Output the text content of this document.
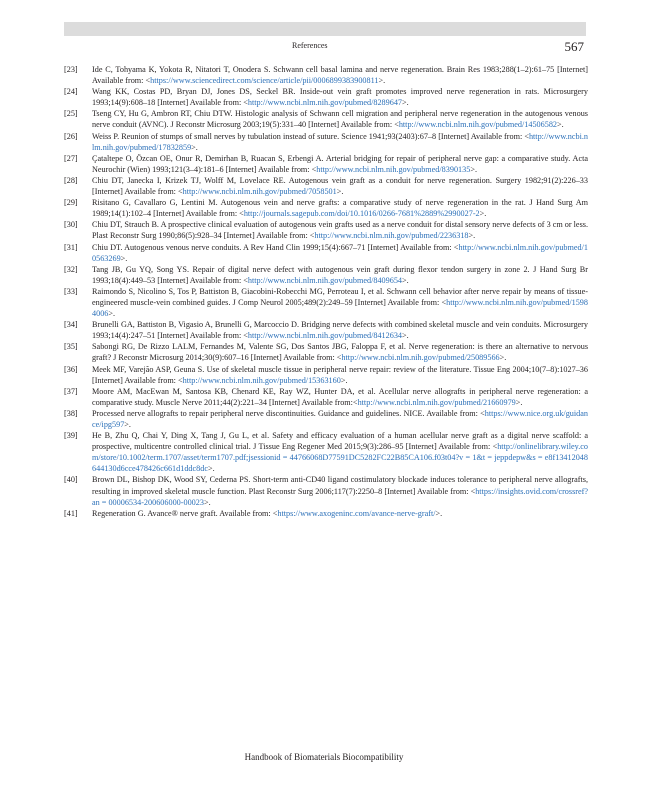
References	567
[23] Ide C, Tohyama K, Yokota R, Nitatori T, Onodera S. Schwann cell basal lamina and nerve regeneration. Brain Res 1983;288(1–2):61–75 [Internet] Available from: <https://www.sciencedirect.com/science/article/pii/0006899383900811>.
[24] Wang KK, Costas PD, Bryan DJ, Jones DS, Seckel BR. Inside-out vein graft promotes improved nerve regeneration in rats. Microsurgery 1993;14(9):608–18 [Internet] Available from: <http://www.ncbi.nlm.nih.gov/pubmed/8289647>.
[25] Tseng CY, Hu G, Ambron RT, Chiu DTW. Histologic analysis of Schwann cell migration and peripheral nerve regeneration in the autogenous venous nerve conduit (AVNC). J Reconstr Microsurg 2003;19(5):331–40 [Internet] Available from: <http://www.ncbi.nlm.nih.gov/pubmed/14506582>.
[26] Weiss P. Reunion of stumps of small nerves by tubulation instead of suture. Science 1941;93(2403):67–8 [Internet] Available from: <http://www.ncbi.nlm.nih.gov/pubmed/17832859>.
[27] Çataltepe O, Özcan OE, Onur R, Demirhan B, Ruacan S, Erbengi A. Arterial bridging for repair of peripheral nerve gap: a comparative study. Acta Neurochir (Wien) 1993;121(3–4):181–6 [Internet] Available from: <http://www.ncbi.nlm.nih.gov/pubmed/8390135>.
[28] Chiu DT, Janecka I, Krizek TJ, Wolff M, Lovelace RE. Autogenous vein graft as a conduit for nerve regeneration. Surgery 1982;91(2):226–33 [Internet] Available from: <http://www.ncbi.nlm.nih.gov/pubmed/7058501>.
[29] Risitano G, Cavallaro G, Lentini M. Autogenous vein and nerve grafts: a comparative study of nerve regeneration in the rat. J Hand Surg Am 1989;14(1):102–4 [Internet] Available from: <http://journals.sagepub.com/doi/10.1016/0266-7681%2889%2990027-2>.
[30] Chiu DT, Strauch B. A prospective clinical evaluation of autogenous vein grafts used as a nerve conduit for distal sensory nerve defects of 3 cm or less. Plast Reconstr Surg 1990;86(5):928–34 [Internet] Available from: <http://www.ncbi.nlm.nih.gov/pubmed/2236318>.
[31] Chiu DT. Autogenous venous nerve conduits. A Rev Hand Clin 1999;15(4):667–71 [Internet] Available from: <http://www.ncbi.nlm.nih.gov/pubmed/10563269>.
[32] Tang JB, Gu YQ, Song YS. Repair of digital nerve defect with autogenous vein graft during flexor tendon surgery in zone 2. J Hand Surg Br 1993;18(4):449–53 [Internet] Available from: <http://www.ncbi.nlm.nih.gov/pubmed/8409654>.
[33] Raimondo S, Nicolino S, Tos P, Battiston B, Giacobini-Robecchi MG, Perroteau I, et al. Schwann cell behavior after nerve repair by means of tissue-engineered muscle-vein combined guides. J Comp Neurol 2005;489(2):249–59 [Internet] Available from: <http://www.ncbi.nlm.nih.gov/pubmed/15984006>.
[34] Brunelli GA, Battiston B, Vigasio A, Brunelli G, Marcoccio D. Bridging nerve defects with combined skeletal muscle and vein conduits. Microsurgery 1993;14(4):247–51 [Internet] Available from: <http://www.ncbi.nlm.nih.gov/pubmed/8412634>.
[35] Sabongi RG, De Rizzo LALM, Fernandes M, Valente SG, Dos Santos JBG, Faloppa F, et al. Nerve regeneration: is there an alternative to nervous graft? J Reconstr Microsurg 2014;30(9):607–16 [Internet] Available from: <http://www.ncbi.nlm.nih.gov/pubmed/25089566>.
[36] Meek MF, Varejão ASP, Geuna S. Use of skeletal muscle tissue in peripheral nerve repair: review of the literature. Tissue Eng 2004;10(7–8):1027–36 [Internet] Available from: <http://www.ncbi.nlm.nih.gov/pubmed/15363160>.
[37] Moore AM, MacEwan M, Santosa KB, Chenard KE, Ray WZ, Hunter DA, et al. Acellular nerve allografts in peripheral nerve regeneration: a comparative study. Muscle Nerve 2011;44(2):221–34 [Internet] Available from:<http://www.ncbi.nlm.nih.gov/pubmed/21660979>.
[38] Processed nerve allografts to repair peripheral nerve discontinuities. Guidance and guidelines. NICE. Available from: <https://www.nice.org.uk/guidance/ipg597>.
[39] He B, Zhu Q, Chai Y, Ding X, Tang J, Gu L, et al. Safety and efficacy evaluation of a human acellular nerve graft as a digital nerve scaffold: a prospective, multicentre controlled clinical trial. J Tissue Eng Regener Med 2015;9(3):286–95 [Internet] Available from: <http://onlinelibrary.wiley.com/store/10.1002/term.1707/asset/term1707.pdf;jsessionid = 44766068D77591DC5282FC22B85CA106.f03t04?v = 1&t = jeppdepw&s = e8f13412048644130d6cce478426c661d1ddc8dc>.
[40] Brown DL, Bishop DK, Wood SY, Cederna PS. Short-term anti-CD40 ligand costimulatory blockade induces tolerance to peripheral nerve allografts, resulting in improved skeletal muscle function. Plast Reconstr Surg 2006;117(7):2250–8 [Internet] Available from: <https://insights.ovid.com/crossref?an = 00006534-200606000-00023>.
[41] Regeneration G. Avance® nerve graft. Available from: <https://www.axogeninc.com/avance-nerve-graft/>.
Handbook of Biomaterials Biocompatibility
